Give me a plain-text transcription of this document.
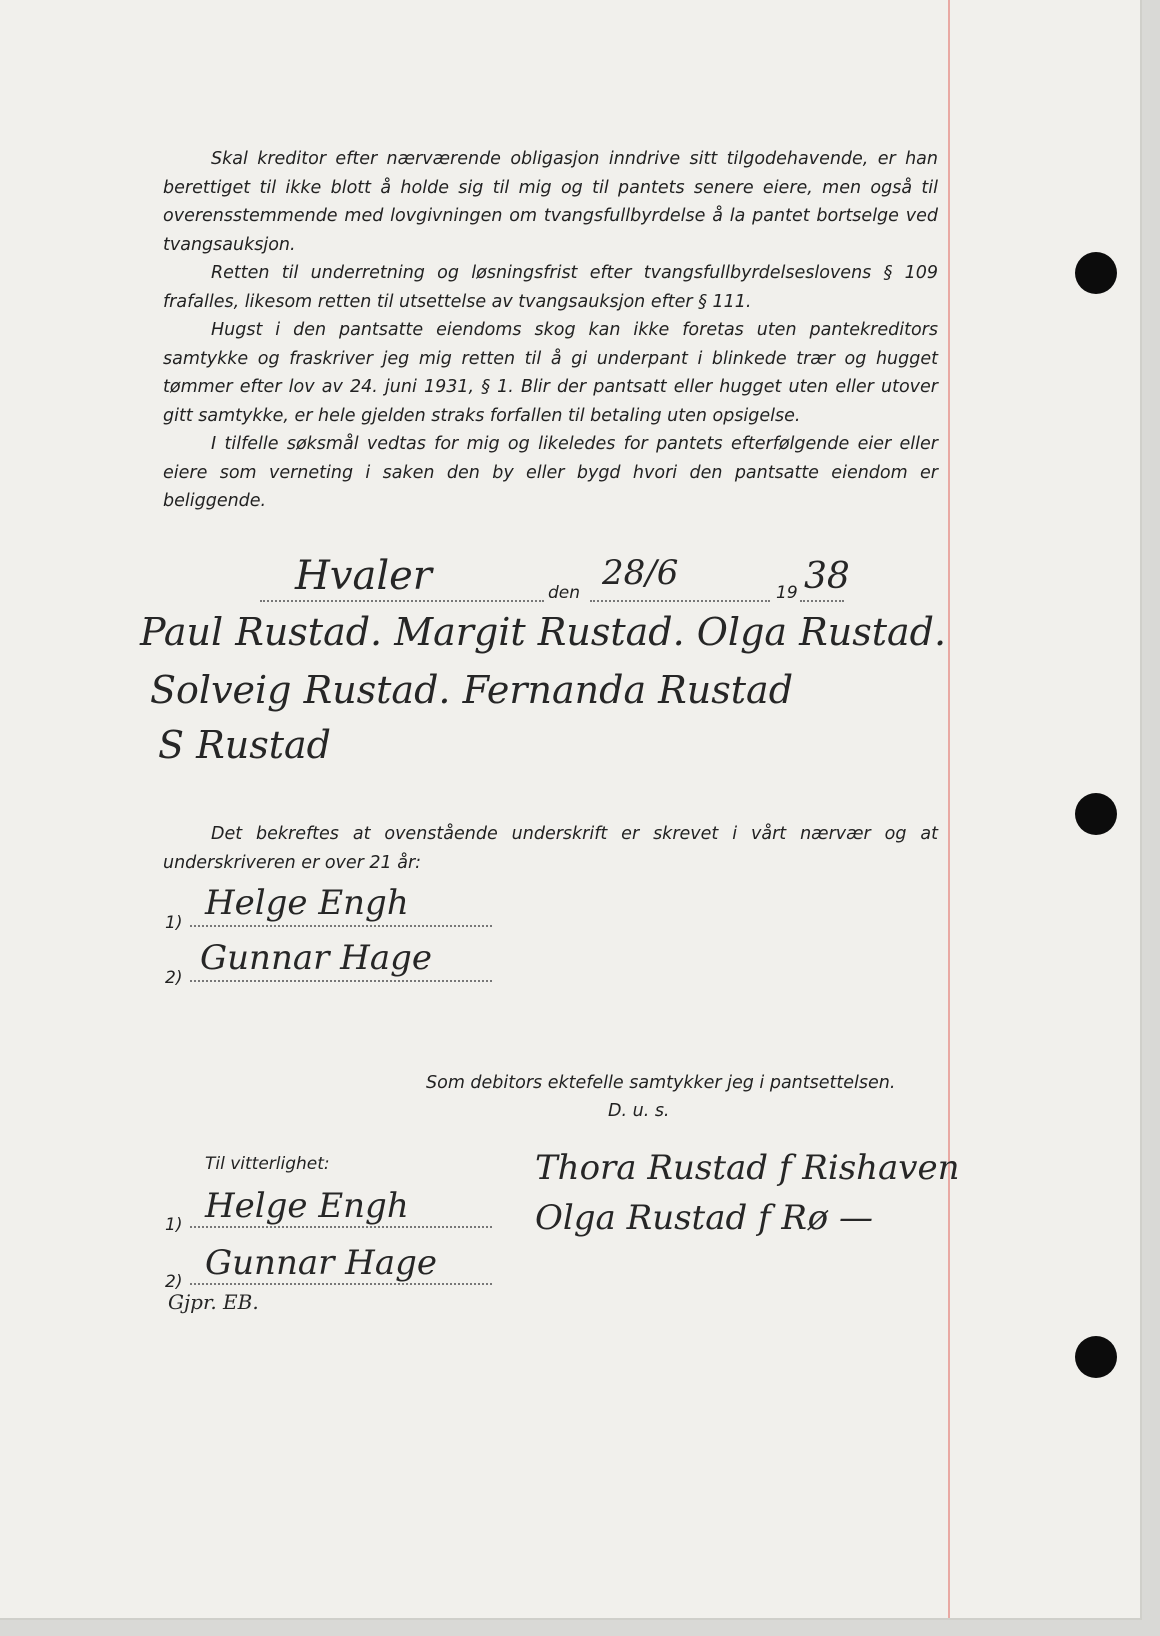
Skal kreditor efter nærværende obligasjon inndrive sitt tilgodehavende, er han berettiget til ikke blott å holde sig til mig og til pantets senere eiere, men også til overensstemmende med lovgivningen om tvangsfullbyrdelse å la pantet bortselge ved tvangsauksjon.

Retten til underretning og løsningsfrist efter tvangsfullbyrdelseslovens § 109 frafalles, likesom retten til utsettelse av tvangsauksjon efter § 111.

Hugst i den pantsatte eiendoms skog kan ikke foretas uten pantekreditors samtykke og fraskriver jeg mig retten til å gi underpant i blinkede trær og hugget tømmer efter lov av 24. juni 1931, § 1. Blir der pantsatt eller hugget uten eller utover gitt samtykke, er hele gjelden straks forfallen til betaling uten opsigelse.

I tilfelle søksmål vedtas for mig og likeledes for pantets efterfølgende eier eller eiere som verneting i saken den by eller bygd hvori den pantsatte eiendom er beliggende.

Hvaler	den 28/6	19 38
Paul Rustad. Margit Rustad. Olga Rustad.
Solveig Rustad. Fernanda Rustad
S Rustad

Det bekreftes at ovenstående underskrift er skrevet i vårt nærvær og at underskriveren er over 21 år:

1) Helge Engh
2) Gunnar Hage
Som debitors ektefelle samtykker jeg i pantsettelsen.
D. u. s.
Thora Rustad f Rishaven
Olga Rustad f Rø —
Til vitterlighet:
1) Helge Engh
2) Gunnar Hage
Gjpr. EB.
